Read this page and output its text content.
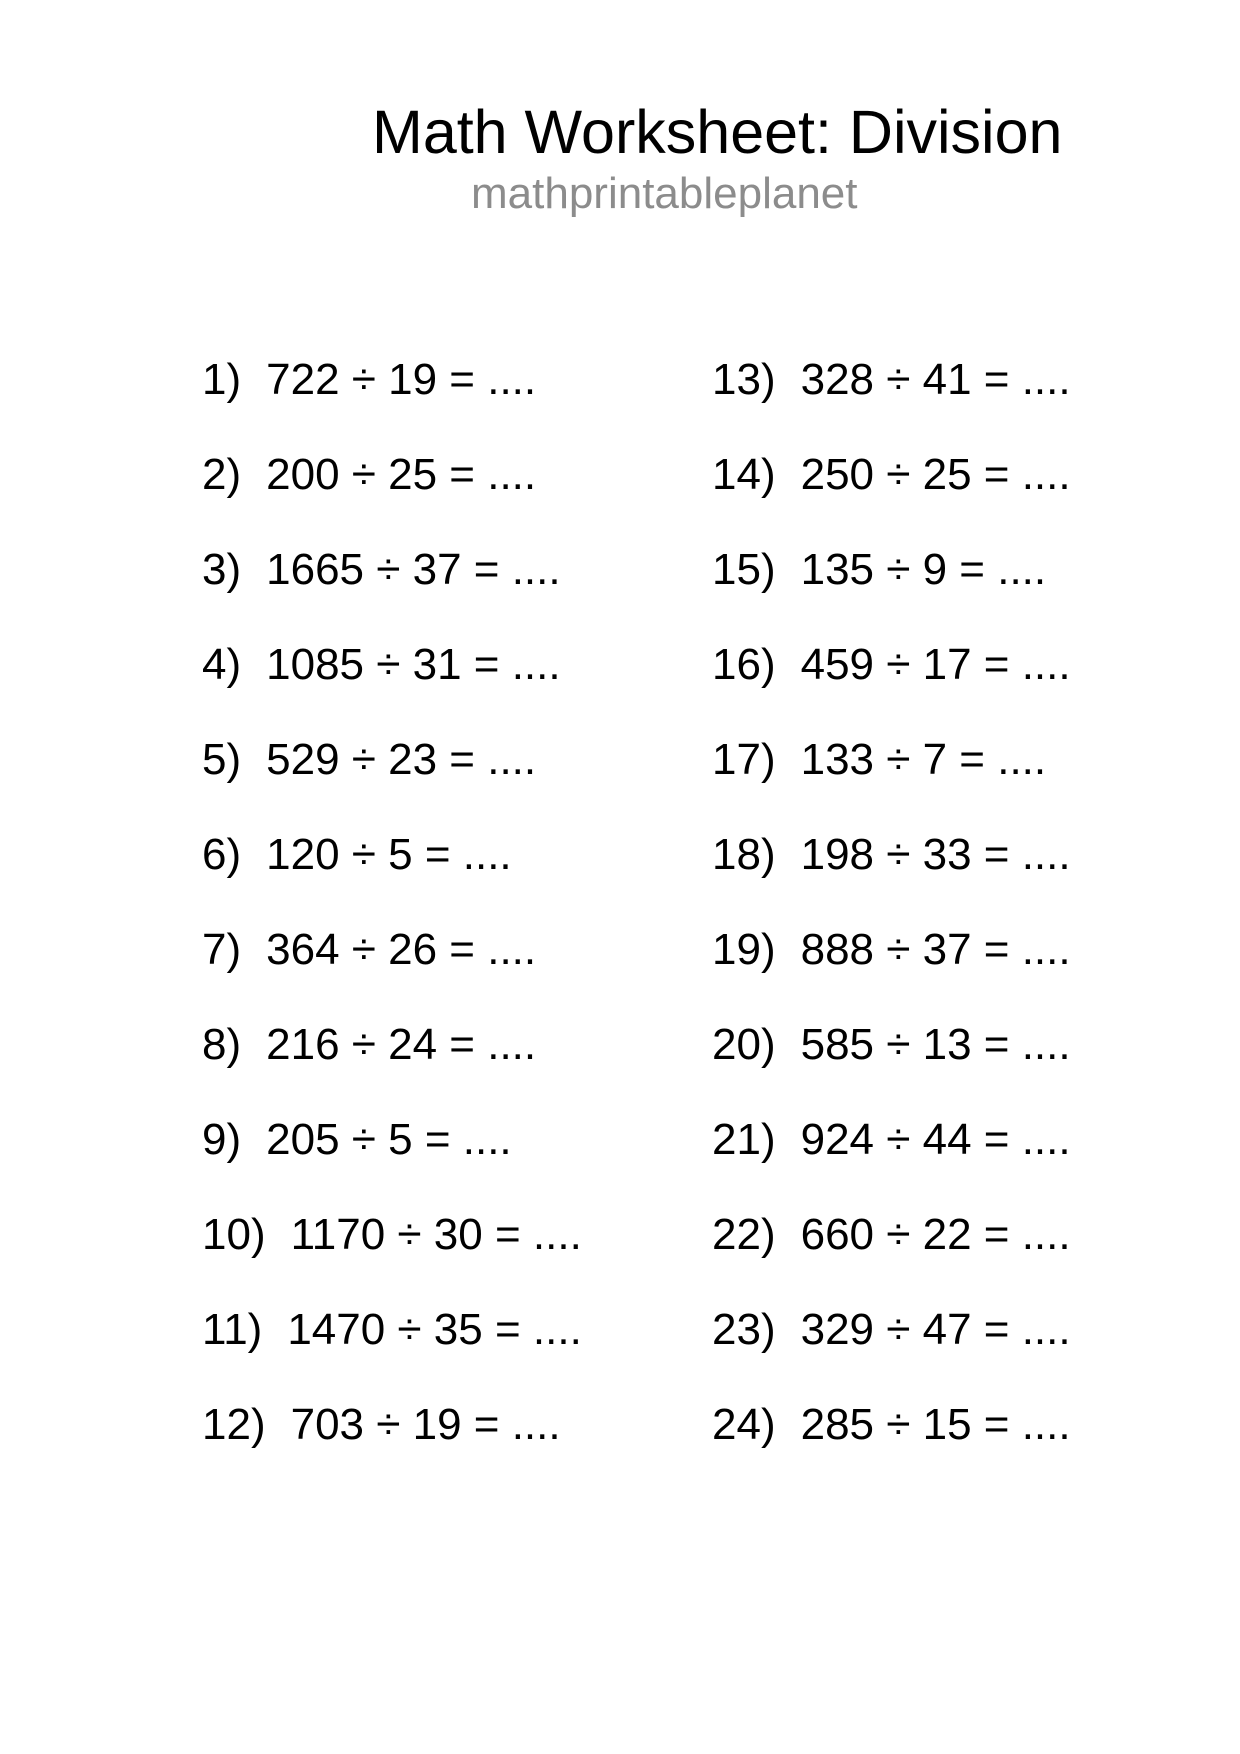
Math Worksheet: Division
mathprintableplanet
1) 722 ÷ 19 = ....
2) 200 ÷ 25 = ....
3) 1665 ÷ 37 = ....
4) 1085 ÷ 31 = ....
5) 529 ÷ 23 = ....
6) 120 ÷ 5 = ....
7) 364 ÷ 26 = ....
8) 216 ÷ 24 = ....
9) 205 ÷ 5 = ....
10) 1170 ÷ 30 = ....
11) 1470 ÷ 35 = ....
12) 703 ÷ 19 = ....
13) 328 ÷ 41 = ....
14) 250 ÷ 25 = ....
15) 135 ÷ 9 = ....
16) 459 ÷ 17 = ....
17) 133 ÷ 7 = ....
18) 198 ÷ 33 = ....
19) 888 ÷ 37 = ....
20) 585 ÷ 13 = ....
21) 924 ÷ 44 = ....
22) 660 ÷ 22 = ....
23) 329 ÷ 47 = ....
24) 285 ÷ 15 = ....
